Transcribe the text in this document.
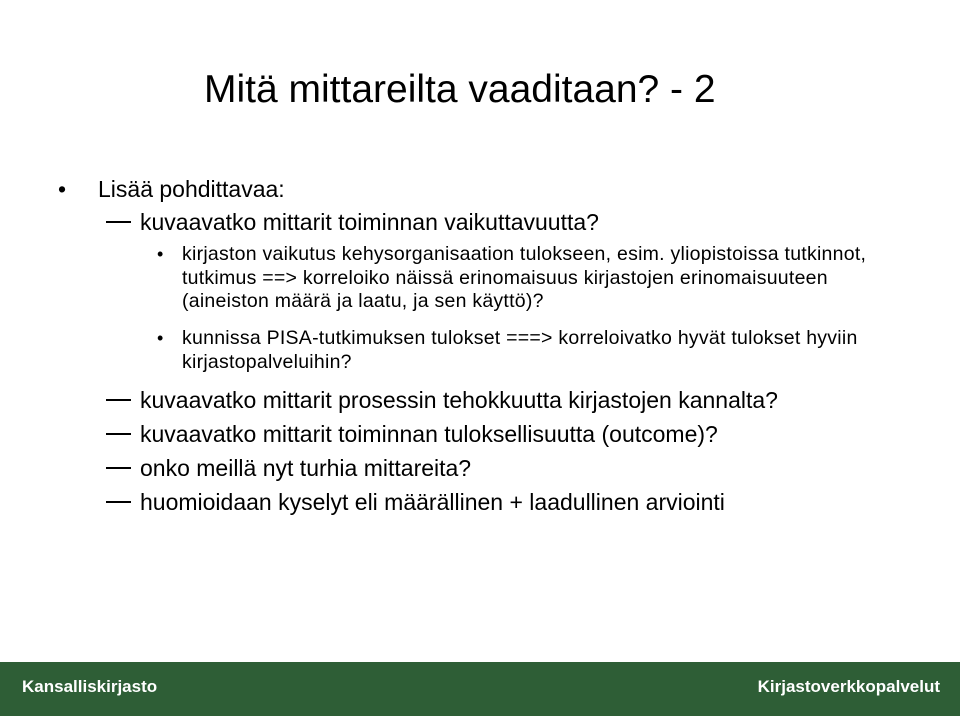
Mitä mittareilta vaaditaan? - 2
• Lisää pohdittavaa:
kuvaavatko mittarit toiminnan vaikuttavuutta?
• kirjaston vaikutus kehysorganisaation tulokseen, esim. yliopistoissa tutkinnot, tutkimus ==> korreloiko näissä erinomaisuus kirjastojen erinomaisuuteen (aineiston määrä ja laatu, ja sen käyttö)?
• kunnissa PISA-tutkimuksen tulokset ===> korreloivatko hyvät tulokset hyviin kirjastopalveluihin?
kuvaavatko mittarit prosessin tehokkuutta kirjastojen kannalta?
kuvaavatko mittarit toiminnan tuloksellisuutta (outcome)?
onko meillä nyt turhia mittareita?
huomioidaan kyselyt eli määrällinen + laadullinen arviointi
Kansalliskirjasto	Kirjastoverkkopalvelut
